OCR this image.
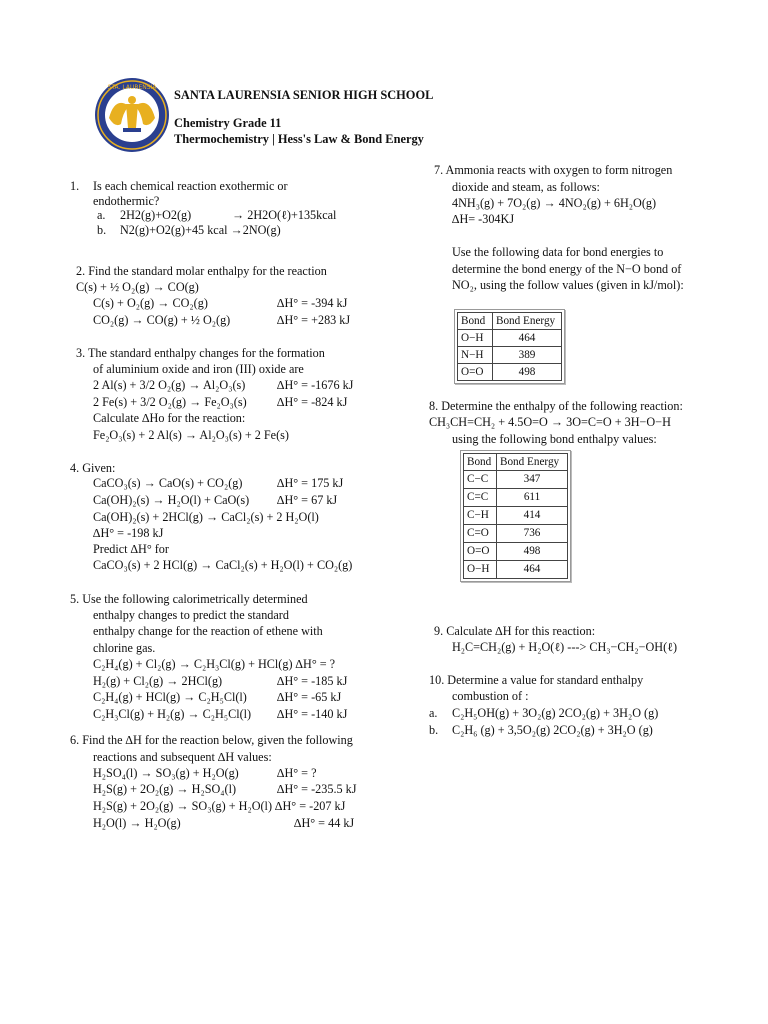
STA. LAURENSIA
SANTA LAURENSIA SENIOR HIGH SCHOOL
Chemistry Grade 11
Thermochemistry | Hess's Law & Bond Energy
1. Is each chemical reaction exothermic or
endothermic?
a. 2H2(g)+O2(g)	→ 2H2O(ℓ)+135kcal
b. N2(g)+O2(g)+45 kcal →2NO(g)
2. Find the standard molar enthalpy for the reaction
C(s) + ½ O₂(g) → CO(g)
C(s) + O₂(g) → CO₂(g)	∆H° = -394 kJ
CO₂(g) → CO(g) + ½ O₂(g)	∆H° = +283 kJ
3. The standard enthalpy changes for the formation
of aluminium oxide and iron (III) oxide are
2 Al(s) + 3/2 O₂(g) → Al₂O₃(s)	∆H° = -1676 kJ
2 Fe(s) + 3/2 O₂(g) → Fe₂O₃(s) ∆H° = -824 kJ
Calculate ∆Ho for the reaction:
Fe₂O₃(s) + 2 Al(s) → Al₂O₃(s) + 2 Fe(s)
4. Given:
CaCO₃(s) → CaO(s) + CO₂(g)	∆H° = 175 kJ
Ca(OH)₂(s) → H₂O(l) + CaO(s) ∆H° = 67 kJ
Ca(OH)₂(s) + 2HCl(g) → CaCl₂(s) + 2 H₂O(l)
∆H° = -198 kJ
Predict ∆H° for
CaCO₃(s) + 2 HCl(g) → CaCl₂(s) + H₂O(l) + CO₂(g)
5. Use the following calorimetrically determined
enthalpy changes to predict the standard
enthalpy change for the reaction of ethene with
chlorine gas.
C₂H₄(g) + Cl₂(g) → C₂H₃Cl(g) + HCl(g) ∆H° = ?
H₂(g) + Cl₂(g) → 2HCl(g)	∆H° = -185 kJ
C₂H₄(g) + HCl(g) → C₂H₅Cl(l) ∆H° = -65 kJ
C₂H₃Cl(g) + H₂(g) → C₂H₅Cl(l) ∆H° = -140 kJ
6. Find the ∆H for the reaction below, given the following
reactions and subsequent ∆H values:
H₂SO₄(l) → SO₃(g) + H₂O(g)	∆H° = ?
H₂S(g) + 2O₂(g) → H₂SO₄(l)	∆H° = -235.5 kJ
H₂S(g) + 2O₂(g) → SO₃(g) + H₂O(l) ∆H° = -207 kJ
H₂O(l) → H₂O(g)	∆H° = 44 kJ
7. Ammonia reacts with oxygen to form nitrogen
dioxide and steam, as follows:
4NH₃(g) + 7O₂(g) → 4NO₂(g) + 6H₂O(g)
∆H= -304KJ
Use the following data for bond energies to
determine the bond energy of the N−O bond of
NO₂, using the follow values (given in kJ/mol):
Bond	Bond Energy
O−H	464
N−H	389
O=O	498
8. Determine the enthalpy of the following reaction:
CH₃CH=CH₂ + 4.5O=O → 3O=C=O + 3H−O−H
using the following bond enthalpy values:
Bond	Bond Energy
C−C	347
C=C	611
C−H	414
C=O	736
O=O	498
O−H	464
9. Calculate ∆H for this reaction:
H₂C=CH₂(g) + H₂O(ℓ) ---> CH₃−CH₂−OH(ℓ)
10. Determine a value for standard enthalpy
combustion of :
a. C₂H₅OH(g) + 3O₂(g) 2CO₂(g) + 3H₂O (g)
b. C₂H₆ (g) + 3,5O₂(g) 2CO₂(g) + 3H₂O (g)
